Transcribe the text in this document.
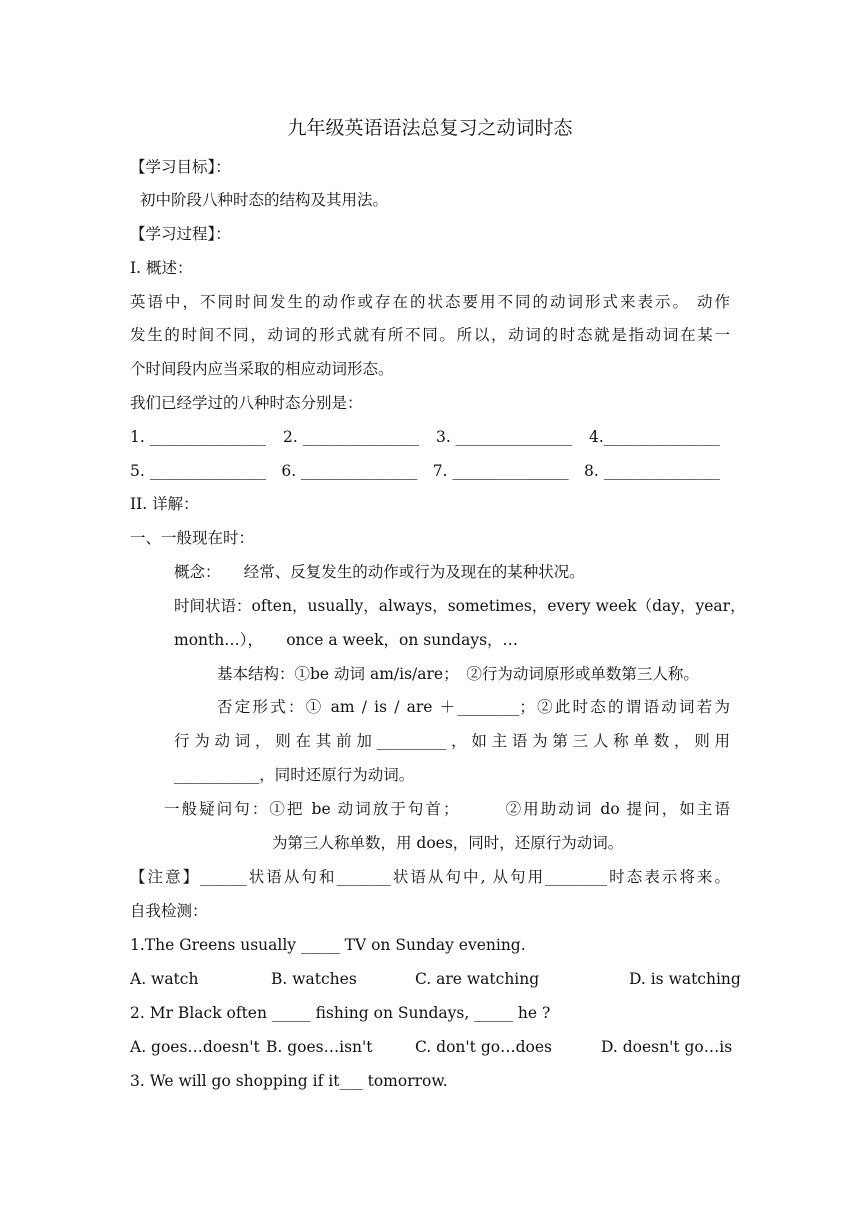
九年级英语语法总复习之动词时态
【学习目标】：
初中阶段八种时态的结构及其用法。
【学习过程】：
I. 概述：
英语中，不同时间发生的动作或存在的状态要用不同的动词形式来表示。 动作
发生的时间不同，动词的形式就有所不同。所以，动词的时态就是指动词在某一
个时间段内应当采取的相应动词形态。
我们已经学过的八种时态分别是：
1. _______________ 2. _______________ 3. _______________ 4._______________
5. _______________ 6. _______________ 7. _______________ 8. _______________
II. 详解：
一、一般现在时：
概念：　　经常、反复发生的动作或行为及现在的某种状况。
时间状语：often，usually，always，sometimes，every week（day，year，
month…），　　once a week，on sundays，…
基本结构：①be 动词 am/is/are；　②行为动词原形或单数第三人称。
否定形式：① am / is / are ＋________；②此时态的谓语动词若为
行为动词，则在其前加_________，如主语为第三人称单数，则用
___________，同时还原行为动词。
一般疑问句：①把 be 动词放于句首；　　　②用助动词 do 提问，如主语
为第三人称单数，用 does，同时，还原行为动词。
【注意】______状语从句和_______状语从句中, 从句用________时态表示将来。
自我检测：
1.The Greens usually _____ TV on Sunday evening.
A. watch	B. watches	C. are watching	D. is watching
2. Mr Black often _____ fishing on Sundays, _____ he ?
A. goes…doesn't B. goes…isn't	C. don't go…does	D. doesn't go…is
3. We will go shopping if it___ tomorrow.
